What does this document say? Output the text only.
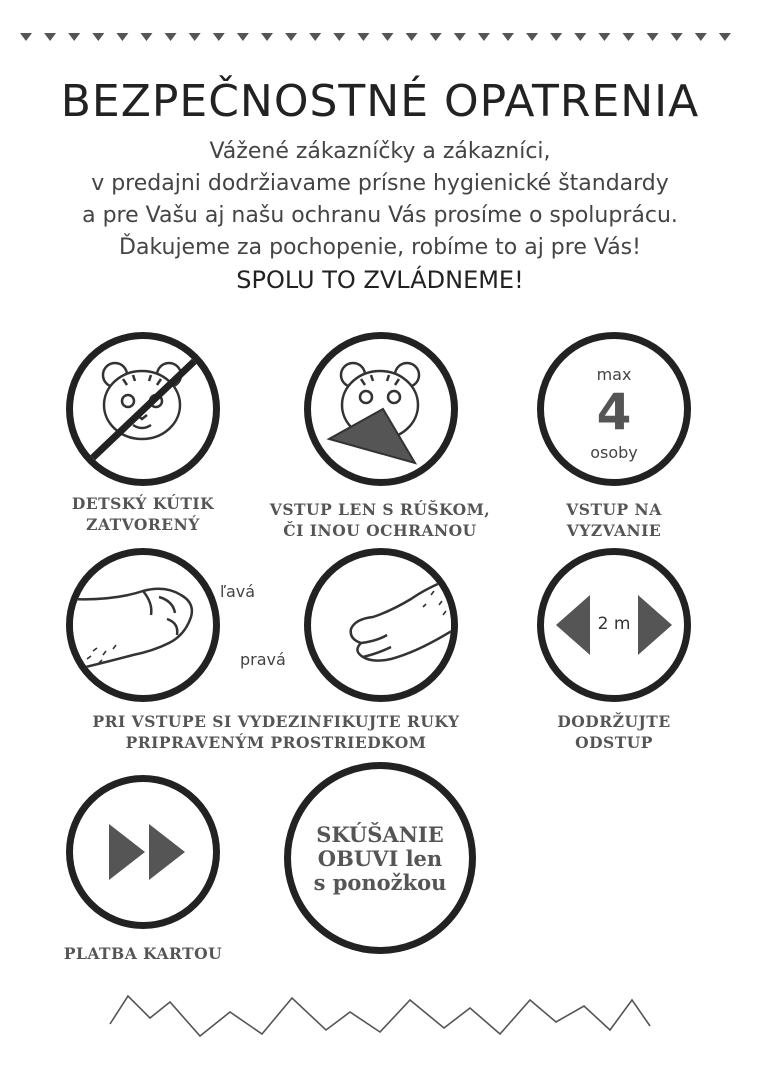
BEZPEČNOSTNÉ OPATRENIA
Vážené zákazníčky a zákazníci,
v predajni dodržiavame prísne hygienické štandardy
a pre Vašu aj našu ochranu Vás prosíme o spoluprácu.
Ďakujeme za pochopenie, robíme to aj pre Vás!
SPOLU TO ZVLÁDNEME!
DETSKÝ KÚTIK
ZATVORENÝ
VSTUP LEN S RÚŠKOM,
ČI INOU OCHRANOU
max
4
osoby
VSTUP NA
VYZVANIE
ľavá
pravá
PRI VSTUPE SI VYDEZINFIKUJTE RUKY
PRIPRAVENÝM PROSTRIEDKOM
2 m
DODRŽUJTE
ODSTUP
PLATBA KARTOU
SKÚŠANIE
OBUVI len
s ponožkou
